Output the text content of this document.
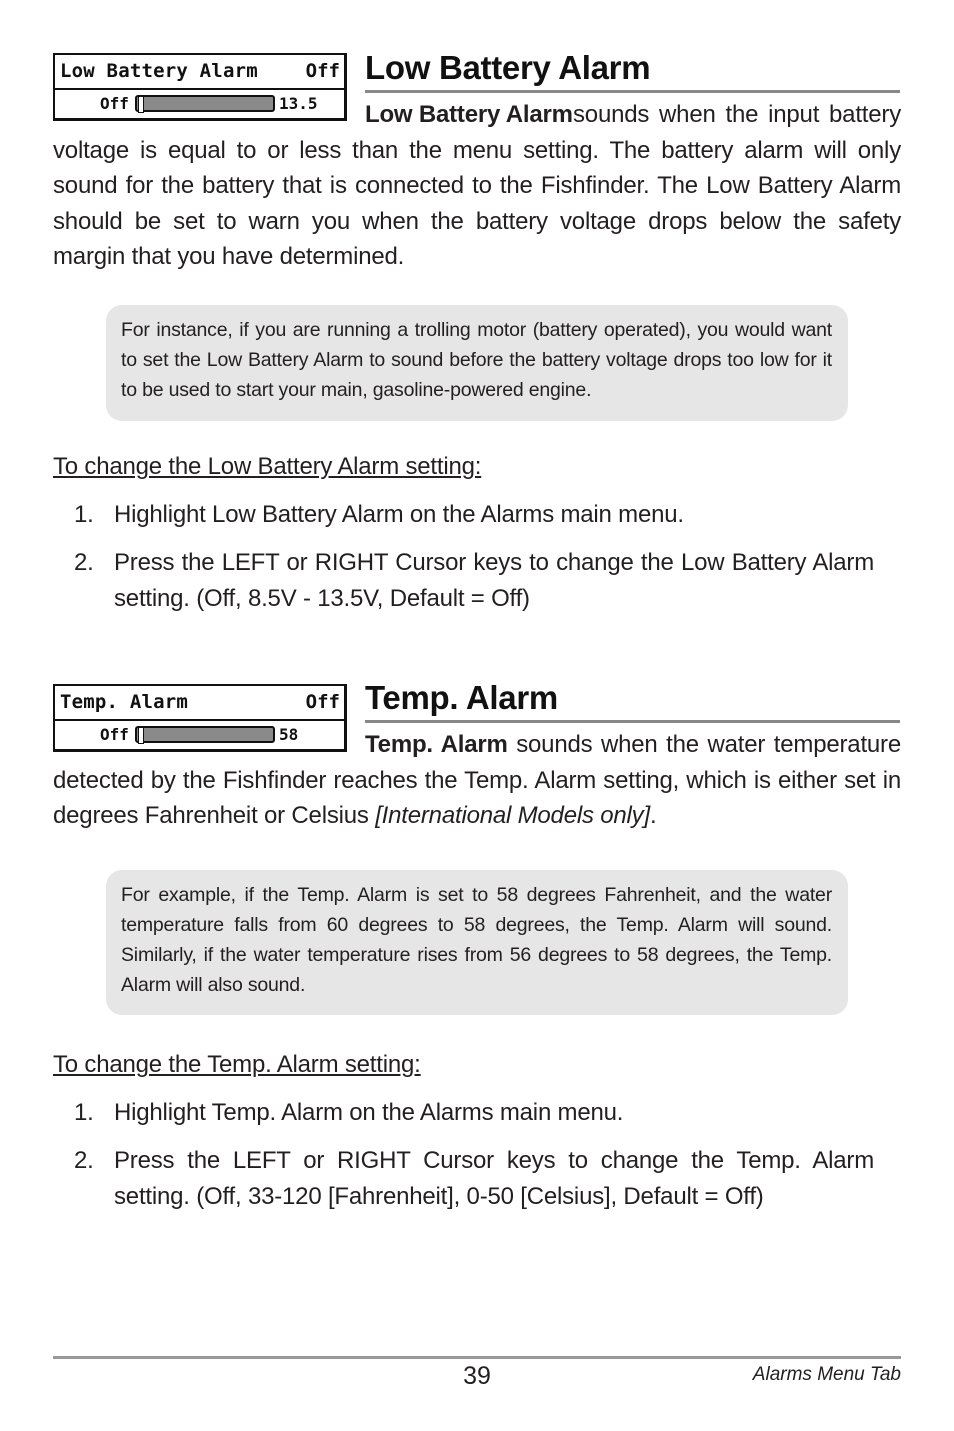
Low Battery Alarm	Off
Off	13.5
Low Battery Alarm
Low Battery Alarm sounds when the input battery voltage is equal to or less than the menu setting. The battery alarm will only sound for the battery that is connected to the Fishfinder. The Low Battery Alarm should be set to warn you when the battery voltage drops below the safety margin that you have determined.
For instance, if you are running a trolling motor (battery operated), you would want to set the Low Battery Alarm to sound before the battery voltage drops too low for it to be used to start your main, gasoline-powered engine.
To change the Low Battery Alarm setting:
1. Highlight Low Battery Alarm on the Alarms main menu.
2. Press the LEFT or RIGHT Cursor keys to change the Low Battery Alarm setting. (Off, 8.5V - 13.5V, Default = Off)
Temp. Alarm	Off
Off	58
Temp. Alarm
Temp. Alarm sounds when the water temperature detected by the Fishfinder reaches the Temp. Alarm setting, which is either set in degrees Fahrenheit or Celsius [International Models only].
For example, if the Temp. Alarm is set to 58 degrees Fahrenheit, and the water temperature falls from 60 degrees to 58 degrees, the Temp. Alarm will sound. Similarly, if the water temperature rises from 56 degrees to 58 degrees, the Temp. Alarm will also sound.
To change the Temp. Alarm setting:
1. Highlight Temp. Alarm on the Alarms main menu.
2. Press the LEFT or RIGHT Cursor keys to change the Temp. Alarm setting. (Off, 33-120 [Fahrenheit], 0-50 [Celsius], Default = Off)
39	Alarms Menu Tab
